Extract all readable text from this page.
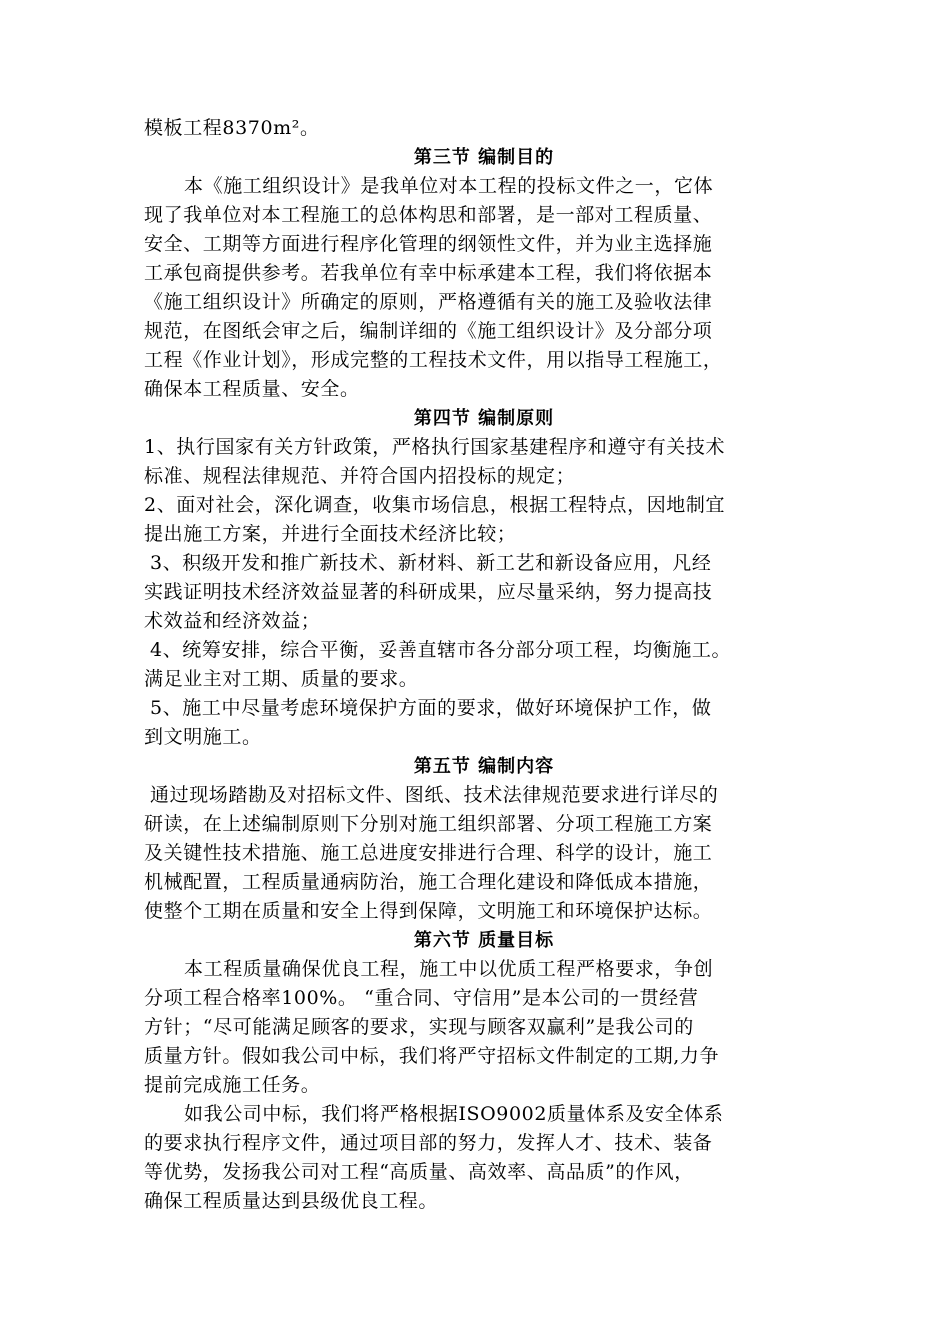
模板工程8370m²。
第三节 编制目的
本《施工组织设计》是我单位对本工程的投标文件之一，它体
现了我单位对本工程施工的总体构思和部署，是一部对工程质量、
安全、工期等方面进行程序化管理的纲领性文件，并为业主选择施
工承包商提供参考。若我单位有幸中标承建本工程，我们将依据本
《施工组织设计》所确定的原则，严格遵循有关的施工及验收法律
规范，在图纸会审之后，编制详细的《施工组织设计》及分部分项
工程《作业计划》，形成完整的工程技术文件，用以指导工程施工，
确保本工程质量、安全。
第四节 编制原则
1、执行国家有关方针政策，严格执行国家基建程序和遵守有关技术
标准、规程法律规范、并符合国内招投标的规定；
2、面对社会，深化调查，收集市场信息，根据工程特点，因地制宜
提出施工方案，并进行全面技术经济比较；
3、积级开发和推广新技术、新材料、新工艺和新设备应用，凡经
实践证明技术经济效益显著的科研成果，应尽量采纳，努力提高技
术效益和经济效益；
4、统筹安排，综合平衡，妥善直辖市各分部分项工程，均衡施工。
满足业主对工期、质量的要求。
5、施工中尽量考虑环境保护方面的要求，做好环境保护工作，做
到文明施工。
第五节 编制内容
通过现场踏勘及对招标文件、图纸、技术法律规范要求进行详尽的
研读，在上述编制原则下分别对施工组织部署、分项工程施工方案
及关键性技术措施、施工总进度安排进行合理、科学的设计，施工
机械配置，工程质量通病防治，施工合理化建设和降低成本措施，
使整个工期在质量和安全上得到保障，文明施工和环境保护达标。
第六节 质量目标
本工程质量确保优良工程，施工中以优质工程严格要求，争创
分项工程合格率100%。 “重合同、守信用”是本公司的一贯经营
方针；“尽可能满足顾客的要求，实现与顾客双赢利”是我公司的
质量方针。假如我公司中标，我们将严守招标文件制定的工期,力争
提前完成施工任务。
如我公司中标，我们将严格根据ISO9002质量体系及安全体系
的要求执行程序文件，通过项目部的努力，发挥人才、技术、装备
等优势，发扬我公司对工程“高质量、高效率、高品质”的作风，
确保工程质量达到县级优良工程。
